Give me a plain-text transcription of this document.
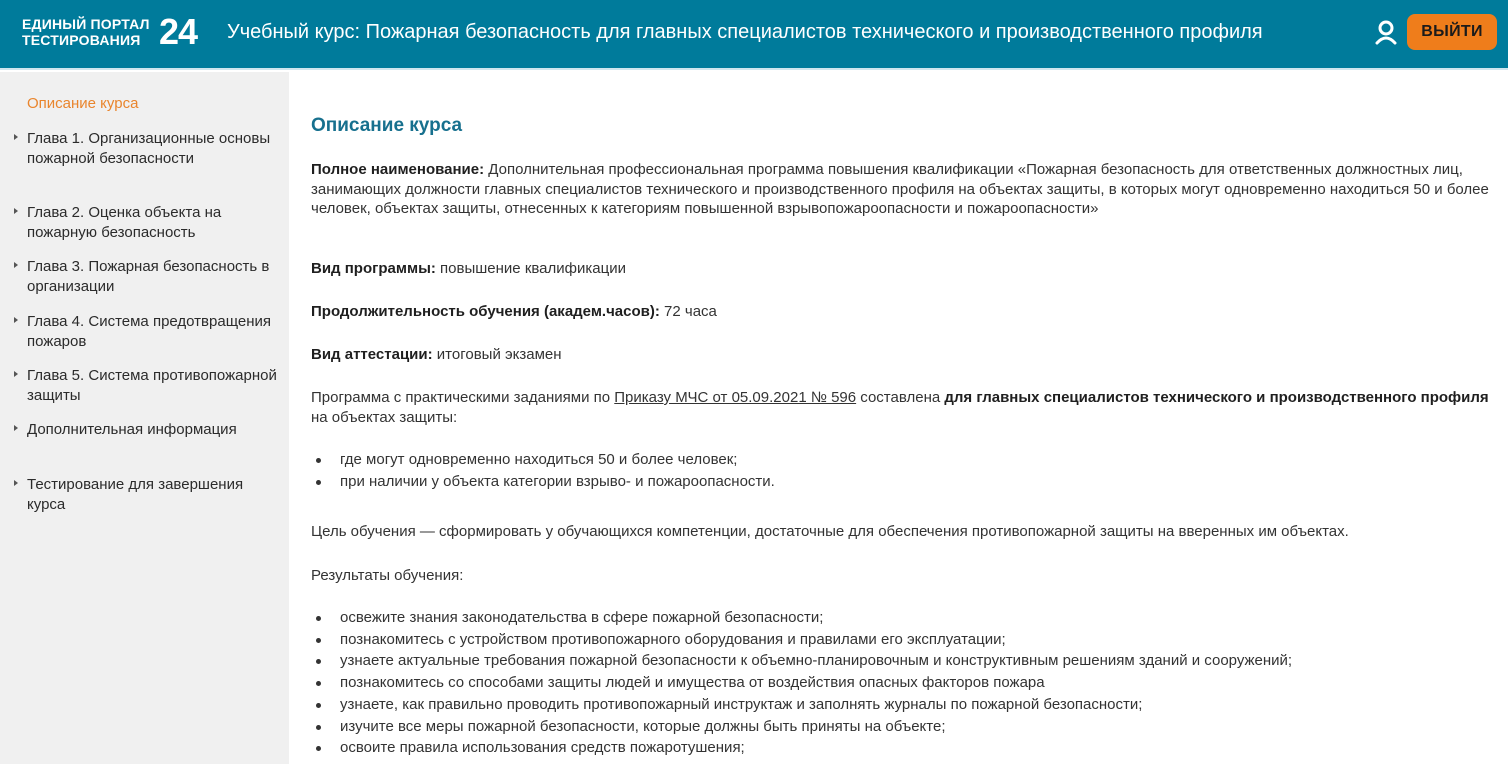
ЕДИНЫЙ ПОРТАЛ
ТЕСТИРОВАНИЯ 24 Учебный курс: Пожарная безопасность для главных специалистов технического и производственного профиля	ВЫЙТИ
Описание курса
Глава 1. Организационные основы пожарной безопасности
Глава 2. Оценка объекта на пожарную безопасность
Глава 3. Пожарная безопасность в организации
Глава 4. Система предотвращения пожаров
Глава 5. Система противопожарной защиты
Дополнительная информация
Тестирование для завершения курса
Описание курса
Полное наименование: Дополнительная профессиональная программа повышения квалификации «Пожарная безопасность для ответственных должностных лиц, занимающих должности главных специалистов технического и производственного профиля на объектах защиты, в которых могут одновременно находиться 50 и более человек, объектах защиты, отнесенных к категориям повышенной взрывопожароопасности и пожароопасности»
Вид программы: повышение квалификации
Продолжительность обучения (академ.часов): 72 часа
Вид аттестации: итоговый экзамен
Программа с практическими заданиями по Приказу МЧС от 05.09.2021 № 596 составлена для главных специалистов технического и производственного профиля на объектах защиты:
где могут одновременно находиться 50 и более человек;
при наличии у объекта категории взрыво- и пожароопасности.
Цель обучения — сформировать у обучающихся компетенции, достаточные для обеспечения противопожарной защиты на вверенных им объектах.
Результаты обучения:
освежите знания законодательства в сфере пожарной безопасности;
познакомитесь с устройством противопожарного оборудования и правилами его эксплуатации;
узнаете актуальные требования пожарной безопасности к объемно-планировочным и конструктивным решениям зданий и сооружений;
познакомитесь со способами защиты людей и имущества от воздействия опасных факторов пожара
узнаете, как правильно проводить противопожарный инструктаж и заполнять журналы по пожарной безопасности;
изучите все меры пожарной безопасности, которые должны быть приняты на объекте;
освоите правила использования средств пожаротушения;
